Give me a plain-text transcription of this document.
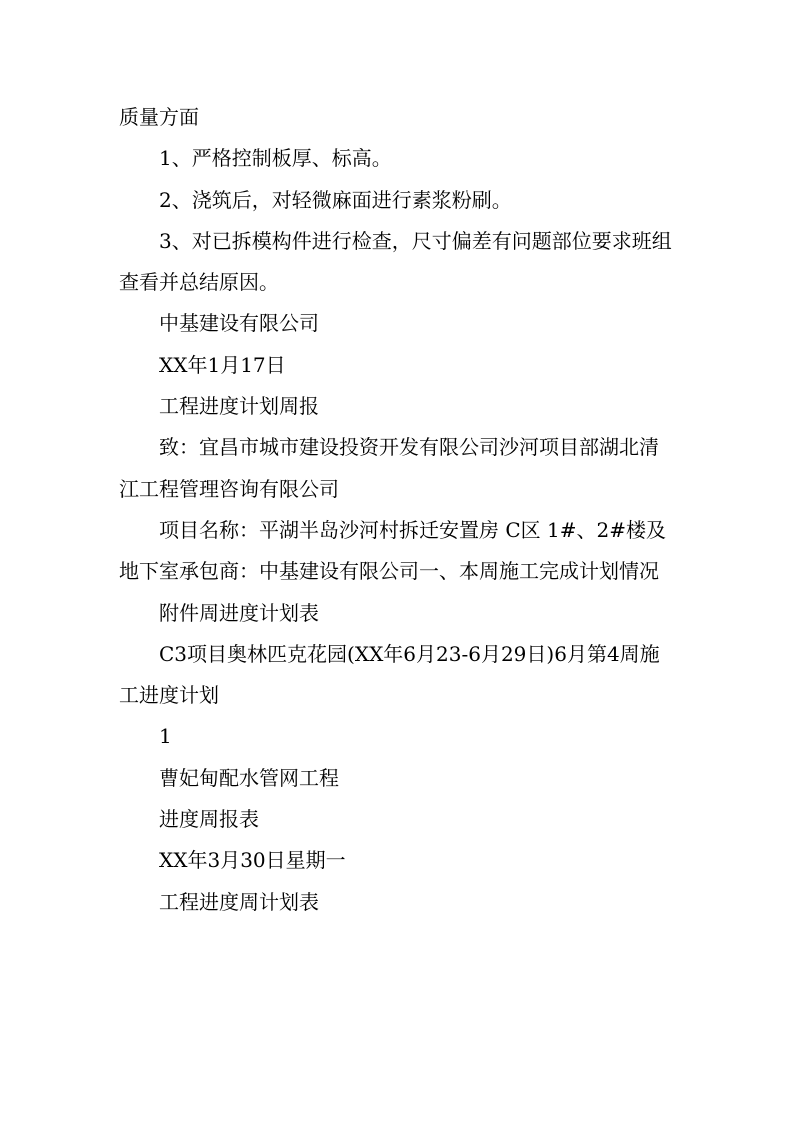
质量方面

1、严格控制板厚、标高。

2、浇筑后，对轻微麻面进行素浆粉刷。

3、对已拆模构件进行检查，尺寸偏差有问题部位要求班组查看并总结原因。

中基建设有限公司

XX年1月17日

工程进度计划周报

致：宜昌市城市建设投资开发有限公司沙河项目部湖北清江工程管理咨询有限公司

项目名称：平湖半岛沙河村拆迁安置房 C区 1#、2#楼及地下室承包商：中基建设有限公司一、本周施工完成计划情况

附件周进度计划表

C3项目奥林匹克花园(XX年6月23-6月29日)6月第4周施工进度计划

1

曹妃甸配水管网工程

进度周报表

XX年3月30日星期一

工程进度周计划表
